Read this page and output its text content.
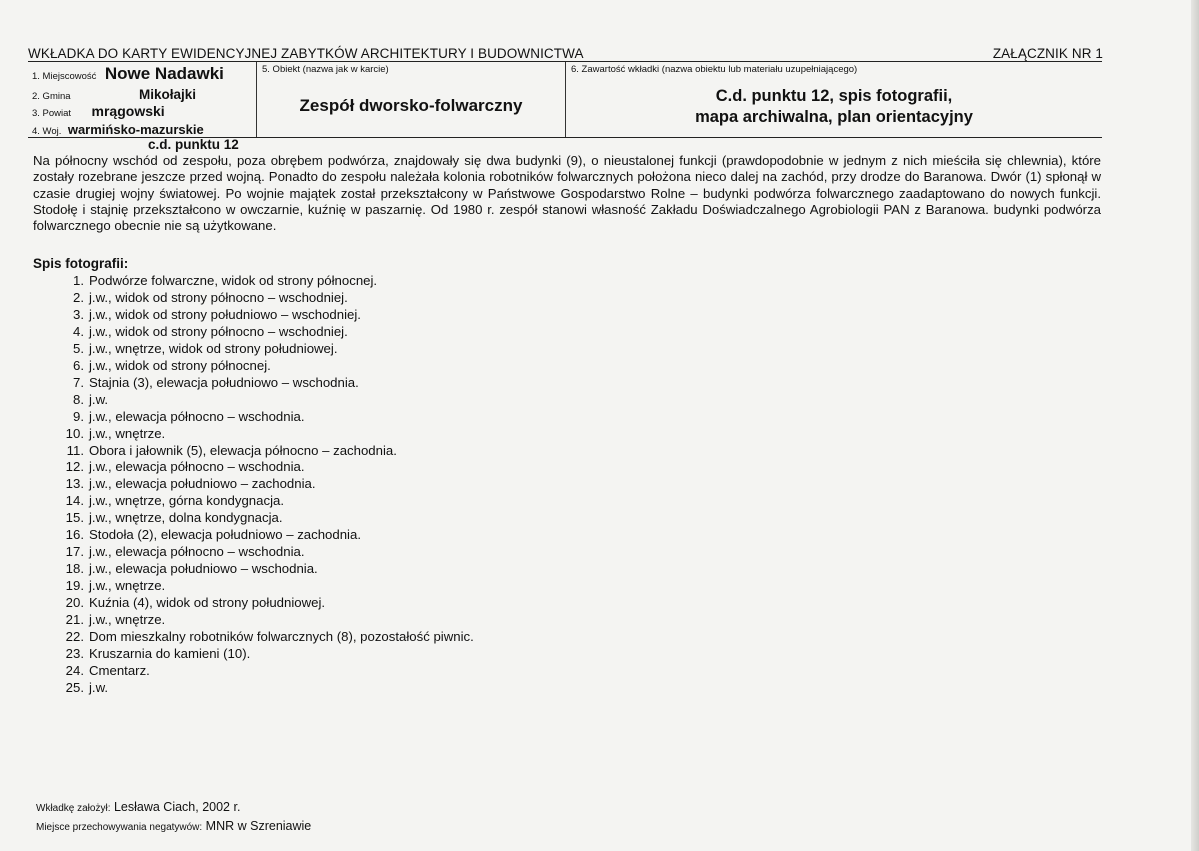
WKŁADKA DO KARTY EWIDENCYJNEJ ZABYTKÓW ARCHITEKTURY I BUDOWNICTWA	ZAŁĄCZNIK NR 1
1. Miejscowość Nowe Nadawki
2. Gmina	Mikołajki
3. Powiat mrągowski
4. Woj. warmińsko-mazurskie
5. Obiekt (nazwa jak w karcie)
Zespół dworsko-folwarczny
6. Zawartość wkładki (nazwa obiektu lub materiału uzupełniającego)
C.d. punktu 12, spis fotografii,
mapa archiwalna, plan orientacyjny
c.d. punktu 12
Na północny wschód od zespołu, poza obrębem podwórza, znajdowały się dwa budynki (9), o nieustalonej funkcji (prawdopodobnie w jednym z nich mieściła się chlewnia), które zostały rozebrane jeszcze przed wojną. Ponadto do zespołu należała kolonia robotników folwarcznych położona nieco dalej na zachód, przy drodze do Baranowa. Dwór (1) spłonął w czasie drugiej wojny światowej. Po wojnie majątek został przekształcony w Państwowe Gospodarstwo Rolne – budynki podwórza folwarcznego zaadaptowano do nowych funkcji. Stodołę i stajnię przekształcono w owczarnie, kuźnię w paszarnię. Od 1980 r. zespół stanowi własność Zakładu Doświadczalnego Agrobiologii PAN z Baranowa. budynki podwórza folwarcznego obecnie nie są użytkowane.
Spis fotografii:
1. Podwórze folwarczne, widok od strony północnej.
2. j.w., widok od strony północno – wschodniej.
3. j.w., widok od strony południowo – wschodniej.
4. j.w., widok od strony północno – wschodniej.
5. j.w., wnętrze, widok od strony południowej.
6. j.w., widok od strony północnej.
7. Stajnia (3), elewacja południowo – wschodnia.
8. j.w.
9. j.w., elewacja północno – wschodnia.
10. j.w., wnętrze.
11. Obora i jałownik (5), elewacja północno – zachodnia.
12. j.w., elewacja północno – wschodnia.
13. j.w., elewacja południowo – zachodnia.
14. j.w., wnętrze, górna kondygnacja.
15. j.w., wnętrze, dolna kondygnacja.
16. Stodoła (2), elewacja południowo – zachodnia.
17. j.w., elewacja północno – wschodnia.
18. j.w., elewacja południowo – wschodnia.
19. j.w., wnętrze.
20. Kuźnia (4), widok od strony południowej.
21. j.w., wnętrze.
22. Dom mieszkalny robotników folwarcznych (8), pozostałość piwnic.
23. Kruszarnia do kamieni (10).
24. Cmentarz.
25. j.w.
Wkładkę założył: Lesława Ciach, 2002 r.
Miejsce przechowywania negatywów: MNR w Szreniawie
